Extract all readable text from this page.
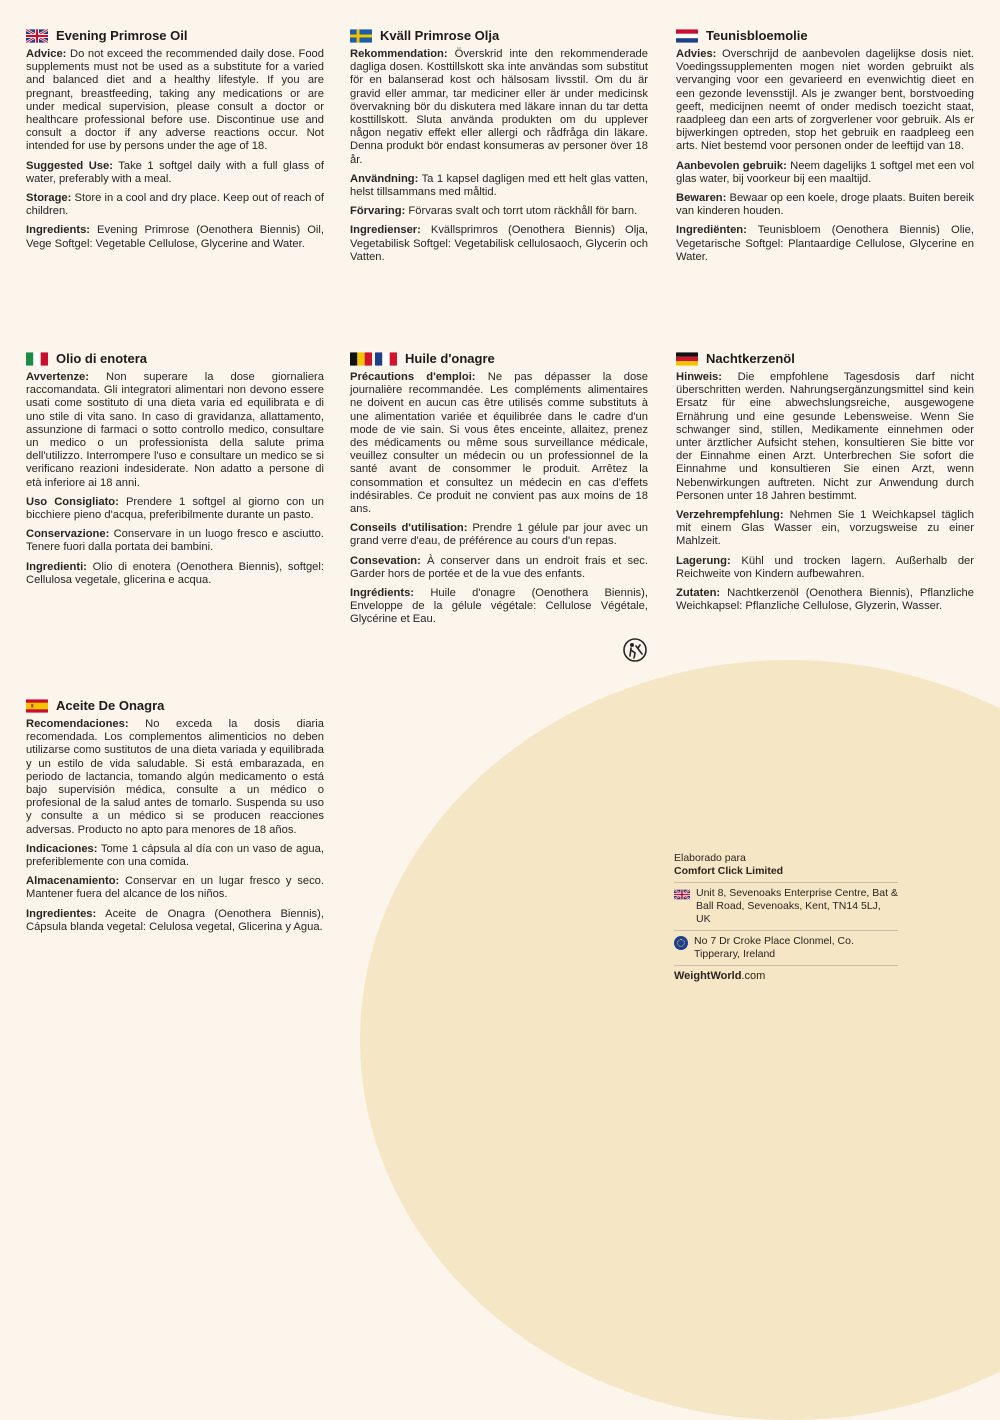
Evening Primrose Oil

Advice: Do not exceed the recommended daily dose. Food supplements must not be used as a substitute for a varied and balanced diet and a healthy lifestyle. If you are pregnant, breastfeeding, taking any medications or are under medical supervision, please consult a doctor or healthcare professional before use. Discontinue use and consult a doctor if any adverse reactions occur. Not intended for use by persons under the age of 18.

Suggested Use: Take 1 softgel daily with a full glass of water, preferably with a meal.

Storage: Store in a cool and dry place. Keep out of reach of children.

Ingredients: Evening Primrose (Oenothera Biennis) Oil, Vege Softgel: Vegetable Cellulose, Glycerine and Water.

Kväll Primrose Olja

Rekommendation: Överskrid inte den rekommenderade dagliga dosen. Kosttillskott ska inte användas som substitut för en balanserad kost och hälsosam livsstil. Om du är gravid eller ammar, tar mediciner eller är under medicinsk övervakning bör du diskutera med läkare innan du tar detta kosttillskott. Sluta använda produkten om du upplever någon negativ effekt eller allergi och rådfråga din läkare. Denna produkt bör endast konsumeras av personer över 18 år.

Användning: Ta 1 kapsel dagligen med ett helt glas vatten, helst tillsammans med måltid.

Förvaring: Förvaras svalt och torrt utom räckhåll för barn.

Ingredienser: Kvällsprimros (Oenothera Biennis) Olja, Vegetabilisk Softgel: Vegetabilisk cellulosaoch, Glycerin och Vatten.

Teunisbloemolie

Advies: Overschrijd de aanbevolen dagelijkse dosis niet. Voedingssupplementen mogen niet worden gebruikt als vervanging voor een gevarieerd en evenwichtig dieet en een gezonde levensstijl. Als je zwanger bent, borstvoeding geeft, medicijnen neemt of onder medisch toezicht staat, raadpleeg dan een arts of zorgverlener voor gebruik. Als er bijwerkingen optreden, stop het gebruik en raadpleeg een arts. Niet bestemd voor personen onder de leeftijd van 18.

Aanbevolen gebruik: Neem dagelijks 1 softgel met een vol glas water, bij voorkeur bij een maaltijd.

Bewaren: Bewaar op een koele, droge plaats. Buiten bereik van kinderen houden.

Ingrediënten: Teunisbloem (Oenothera Biennis) Olie, Vegetarische Softgel: Plantaardige Cellulose, Glycerine en Water.

Olio di enotera

Avvertenze: Non superare la dose giornaliera raccomandata. Gli integratori alimentari non devono essere usati come sostituto di una dieta varia ed equilibrata e di uno stile di vita sano. In caso di gravidanza, allattamento, assunzione di farmaci o sotto controllo medico, consultare un medico o un professionista della salute prima dell'utilizzo. Interrompere l'uso e consultare un medico se si verificano reazioni indesiderate. Non adatto a persone di età inferiore ai 18 anni.

Uso Consigliato: Prendere 1 softgel al giorno con un bicchiere pieno d'acqua, preferibilmente durante un pasto.

Conservazione: Conservare in un luogo fresco e asciutto. Tenere fuori dalla portata dei bambini.

Ingredienti: Olio di enotera (Oenothera Biennis), softgel: Cellulosa vegetale, glicerina e acqua.

Huile d'onagre

Précautions d'emploi: Ne pas dépasser la dose journalière recommandée. Les compléments alimentaires ne doivent en aucun cas être utilisés comme substituts à une alimentation variée et équilibrée dans le cadre d'un mode de vie sain. Si vous êtes enceinte, allaitez, prenez des médicaments ou même sous surveillance médicale, veuillez consulter un médecin ou un professionnel de la santé avant de consommer le produit. Arrêtez la consommation et consultez un médecin en cas d'effets indésirables. Ce produit ne convient pas aux moins de 18 ans.

Conseils d'utilisation: Prendre 1 gélule par jour avec un grand verre d'eau, de préférence au cours d'un repas.

Consevation: À conserver dans un endroit frais et sec. Garder hors de portée et de la vue des enfants.

Ingrédients: Huile d'onagre (Oenothera Biennis), Enveloppe de la gélule végétale: Cellulose Végétale, Glycérine et Eau.

Nachtkerzenöl

Hinweis: Die empfohlene Tagesdosis darf nicht überschritten werden. Nahrungsergänzungsmittel sind kein Ersatz für eine abwechslungsreiche, ausgewogene Ernährung und eine gesunde Lebensweise. Wenn Sie schwanger sind, stillen, Medikamente einnehmen oder unter ärztlicher Aufsicht stehen, konsultieren Sie bitte vor der Einnahme einen Arzt. Unterbrechen Sie sofort die Einnahme und konsultieren Sie einen Arzt, wenn Nebenwirkungen auftreten. Nicht zur Anwendung durch Personen unter 18 Jahren bestimmt.

Verzehrempfehlung: Nehmen Sie 1 Weichkapsel täglich mit einem Glas Wasser ein, vorzugsweise zu einer Mahlzeit.

Lagerung: Kühl und trocken lagern. Außerhalb der Reichweite von Kindern aufbewahren.

Zutaten: Nachtkerzenöl (Oenothera Biennis), Pflanzliche Weichkapsel: Pflanzliche Cellulose, Glyzerin, Wasser.

Aceite De Onagra

Recomendaciones: No exceda la dosis diaria recomendada. Los complementos alimenticios no deben utilizarse como sustitutos de una dieta variada y equilibrada y un estilo de vida saludable. Si está embarazada, en periodo de lactancia, tomando algún medicamento o está bajo supervisión médica, consulte a un médico o profesional de la salud antes de tomarlo. Suspenda su uso y consulte a un médico si se producen reacciones adversas. Producto no apto para menores de 18 años.

Indicaciones: Tome 1 cápsula al día con un vaso de agua, preferiblemente con una comida.

Almacenamiento: Conservar en un lugar fresco y seco. Mantener fuera del alcance de los niños.

Ingredientes: Aceite de Onagra (Oenothera Biennis), Cápsula blanda vegetal: Celulosa vegetal, Glicerina y Agua.

Elaborado para
Comfort Click Limited
Unit 8, Sevenoaks Enterprise Centre, Bat & Ball Road, Sevenoaks, Kent, TN14 5LJ, UK
No 7 Dr Croke Place Clonmel, Co. Tipperary, Ireland
WeightWorld.com
